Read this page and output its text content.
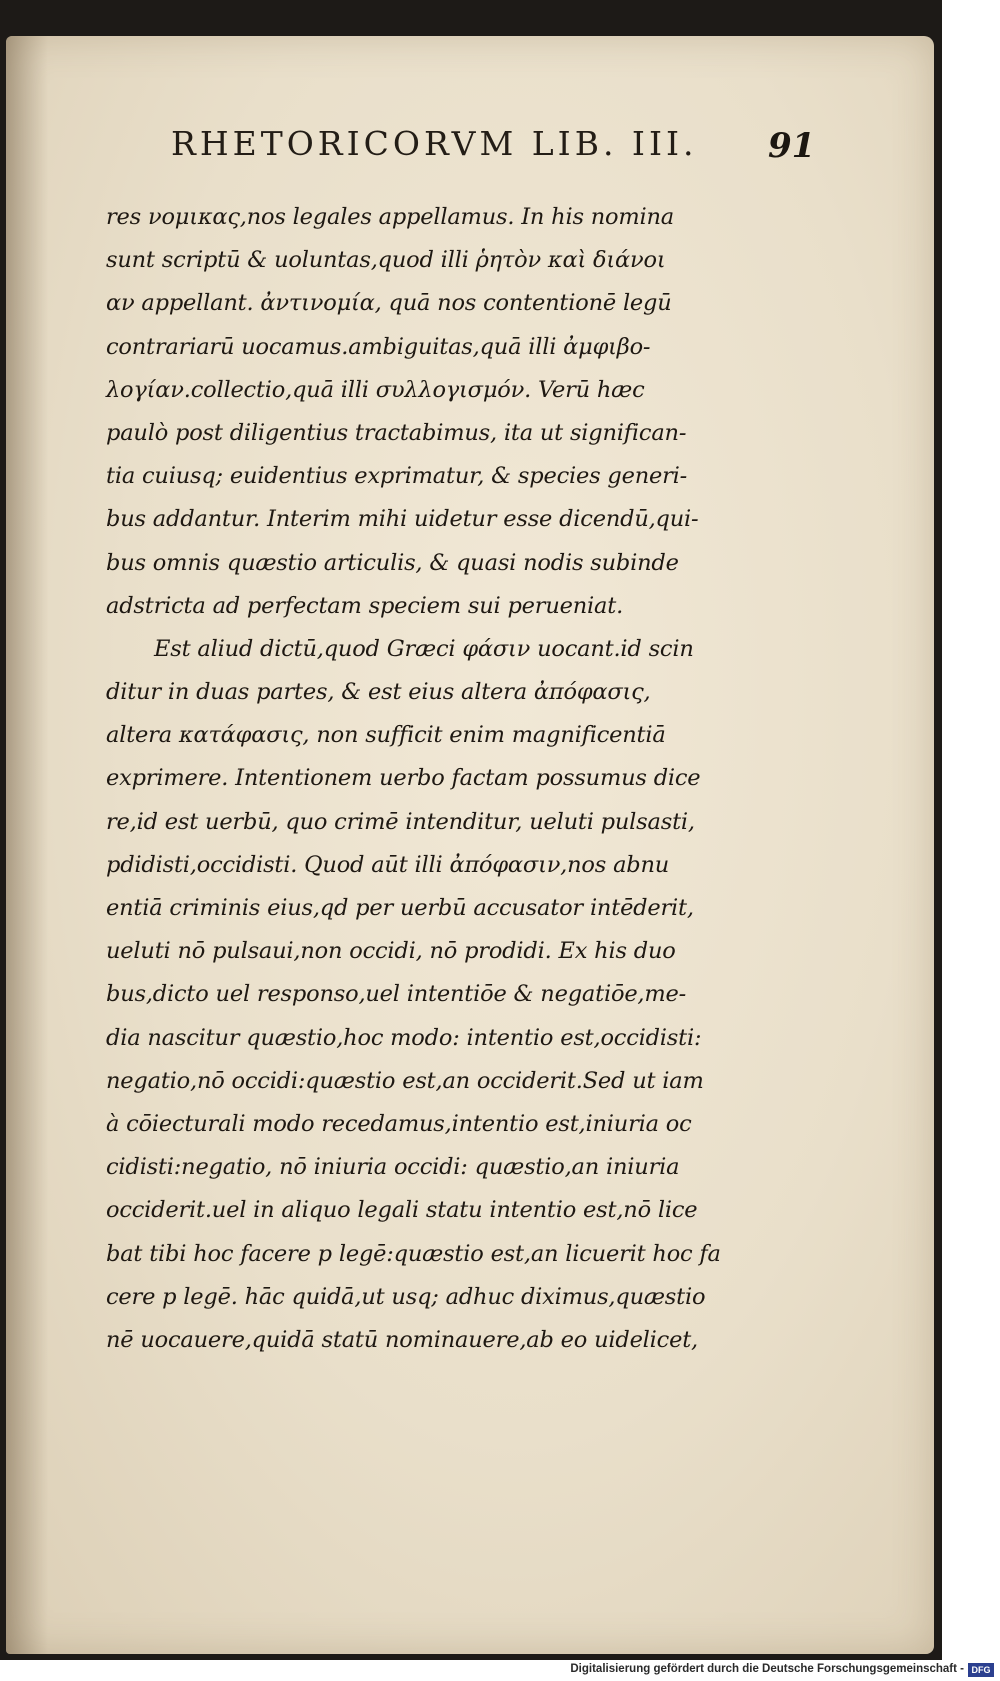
RHETORICORVM LIB. III. 91
res νομικας,nos legales appellamus. In his nomina
sunt scriptū & uoluntas,quod illi ῥητὸν καὶ διάνοι
αν appellant. ἀντινομία, quā nos contentionē legū
contrariarū uocamus.ambiguitas,quā illi ἀμφιβο-
λογίαν.collectio,quā illi συλλογισμόν. Verū hæc
paulò post diligentius tractabimus, ita ut significan-
tia cuiusq; euidentius exprimatur, & species generi-
bus addantur. Interim mihi uidetur esse dicendū,qui-
bus omnis quæstio articulis, & quasi nodis subinde
adstricta ad perfectam speciem sui perueniat.
Est aliud dictū,quod Græci φάσιν uocant.id scin
ditur in duas partes, & est eius altera ἀπόφασις,
altera κατάφασις, non sufficit enim magnificentiā
exprimere. Intentionem uerbo factam possumus dice
re,id est uerbū, quo crimē intenditur, ueluti pulsasti,
pdidisti,occidisti. Quod aūt illi ἀπόφασιν,nos abnu
entiā criminis eius,qd per uerbū accusator intēderit,
ueluti nō pulsaui,non occidi, nō prodidi. Ex his duo
bus,dicto uel responso,uel intentiōe & negatiōe,me-
dia nascitur quæstio,hoc modo: intentio est,occidisti:
negatio,nō occidi:quæstio est,an occiderit.Sed ut iam
à cōiecturali modo recedamus,intentio est,iniuria oc
cidisti:negatio, nō iniuria occidi: quæstio,an iniuria
occiderit.uel in aliquo legali statu intentio est,nō lice
bat tibi hoc facere p legē:quæstio est,an licuerit hoc fa
cere p legē. hāc quidā,ut usq; adhuc diximus,quæstio
nē uocauere,quidā statū nominauere,ab eo uidelicet,
Digitalisierung gefördert durch die Deutsche Forschungsgemeinschaft - DFG
